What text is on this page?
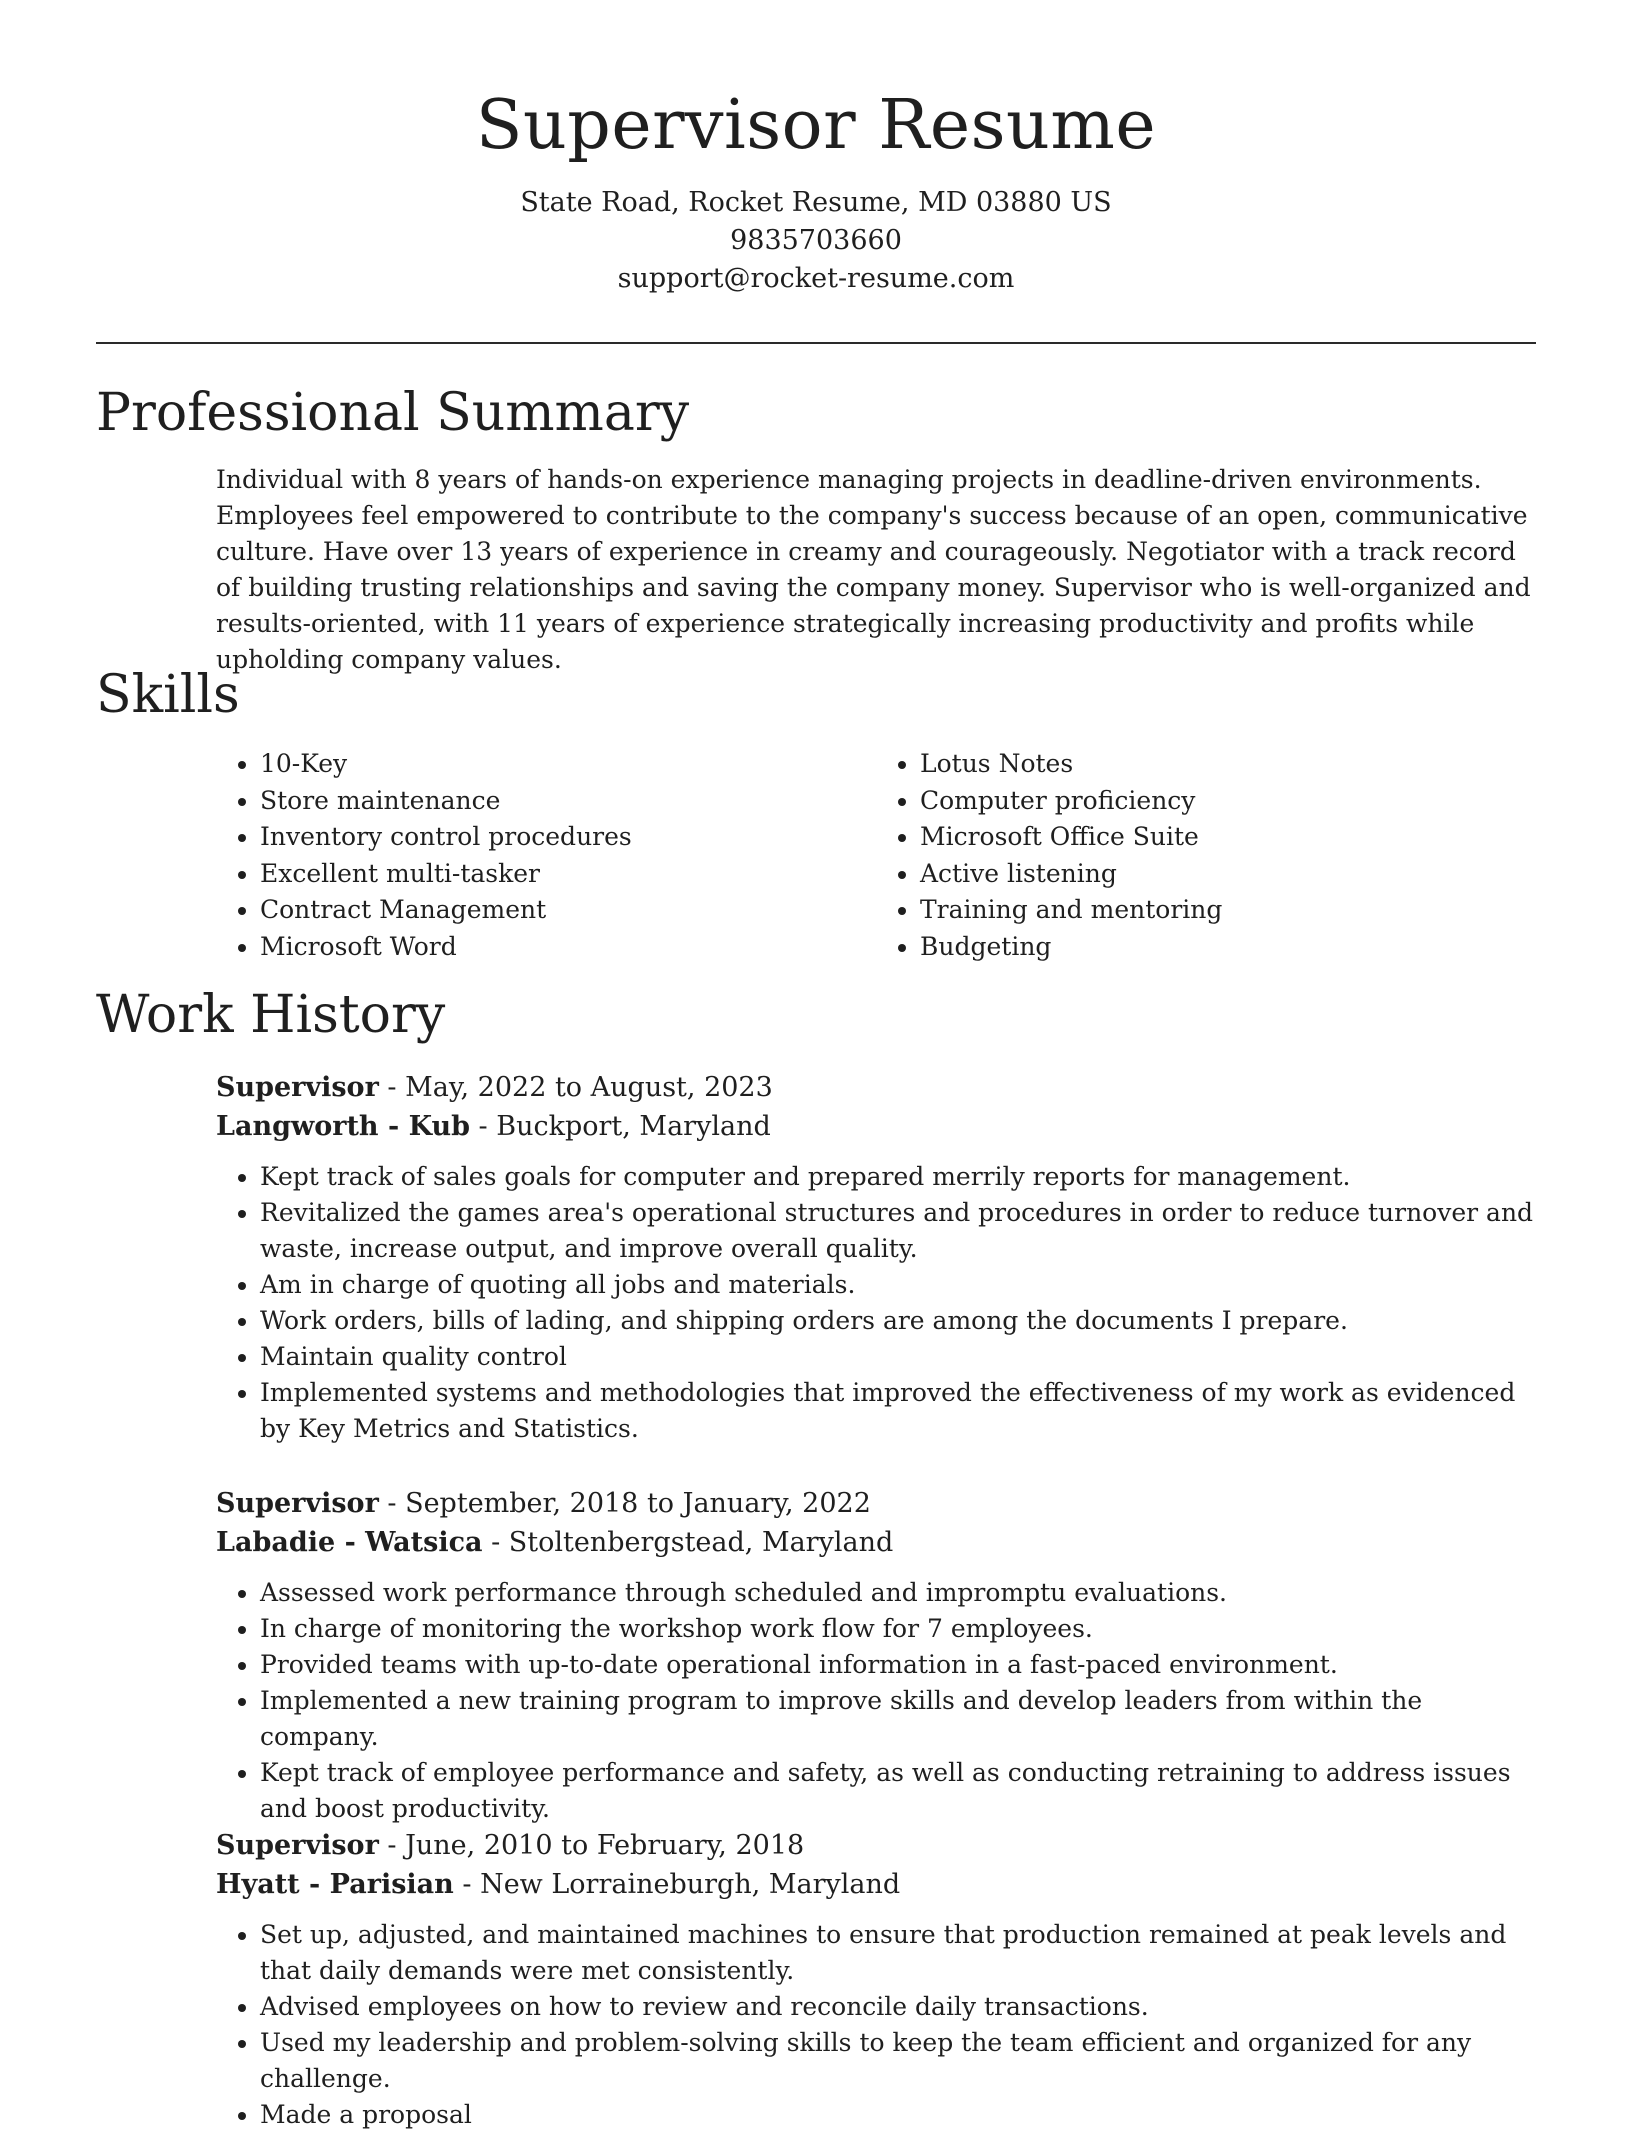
Supervisor Resume
State Road, Rocket Resume, MD 03880 US
9835703660
support@rocket-resume.com
Professional Summary

Individual with 8 years of hands-on experience managing projects in deadline-driven environments. Employees feel empowered to contribute to the company's success because of an open, communicative culture. Have over 13 years of experience in creamy and courageously. Negotiator with a track record of building trusting relationships and saving the company money. Supervisor who is well-organized and results-oriented, with 11 years of experience strategically increasing productivity and profits while upholding company values.

Skills
• 10-Key
• Store maintenance
• Inventory control procedures
• Excellent multi-tasker
• Contract Management
• Microsoft Word
• Lotus Notes
• Computer proficiency
• Microsoft Office Suite
• Active listening
• Training and mentoring
• Budgeting
Work History
Supervisor - May, 2022 to August, 2023
Langworth - Kub - Buckport, Maryland
• Kept track of sales goals for computer and prepared merrily reports for management.
• Revitalized the games area's operational structures and procedures in order to reduce turnover and waste, increase output, and improve overall quality.
• Am in charge of quoting all jobs and materials.
• Work orders, bills of lading, and shipping orders are among the documents I prepare.
• Maintain quality control
• Implemented systems and methodologies that improved the effectiveness of my work as evidenced by Key Metrics and Statistics.
Supervisor - September, 2018 to January, 2022
Labadie - Watsica - Stoltenbergstead, Maryland
• Assessed work performance through scheduled and impromptu evaluations.
• In charge of monitoring the workshop work flow for 7 employees.
• Provided teams with up-to-date operational information in a fast-paced environment.
• Implemented a new training program to improve skills and develop leaders from within the company.
• Kept track of employee performance and safety, as well as conducting retraining to address issues and boost productivity.
Supervisor - June, 2010 to February, 2018
Hyatt - Parisian - New Lorraineburgh, Maryland
• Set up, adjusted, and maintained machines to ensure that production remained at peak levels and that daily demands were met consistently.
• Advised employees on how to review and reconcile daily transactions.
• Used my leadership and problem-solving skills to keep the team efficient and organized for any challenge.
• Made a proposal
